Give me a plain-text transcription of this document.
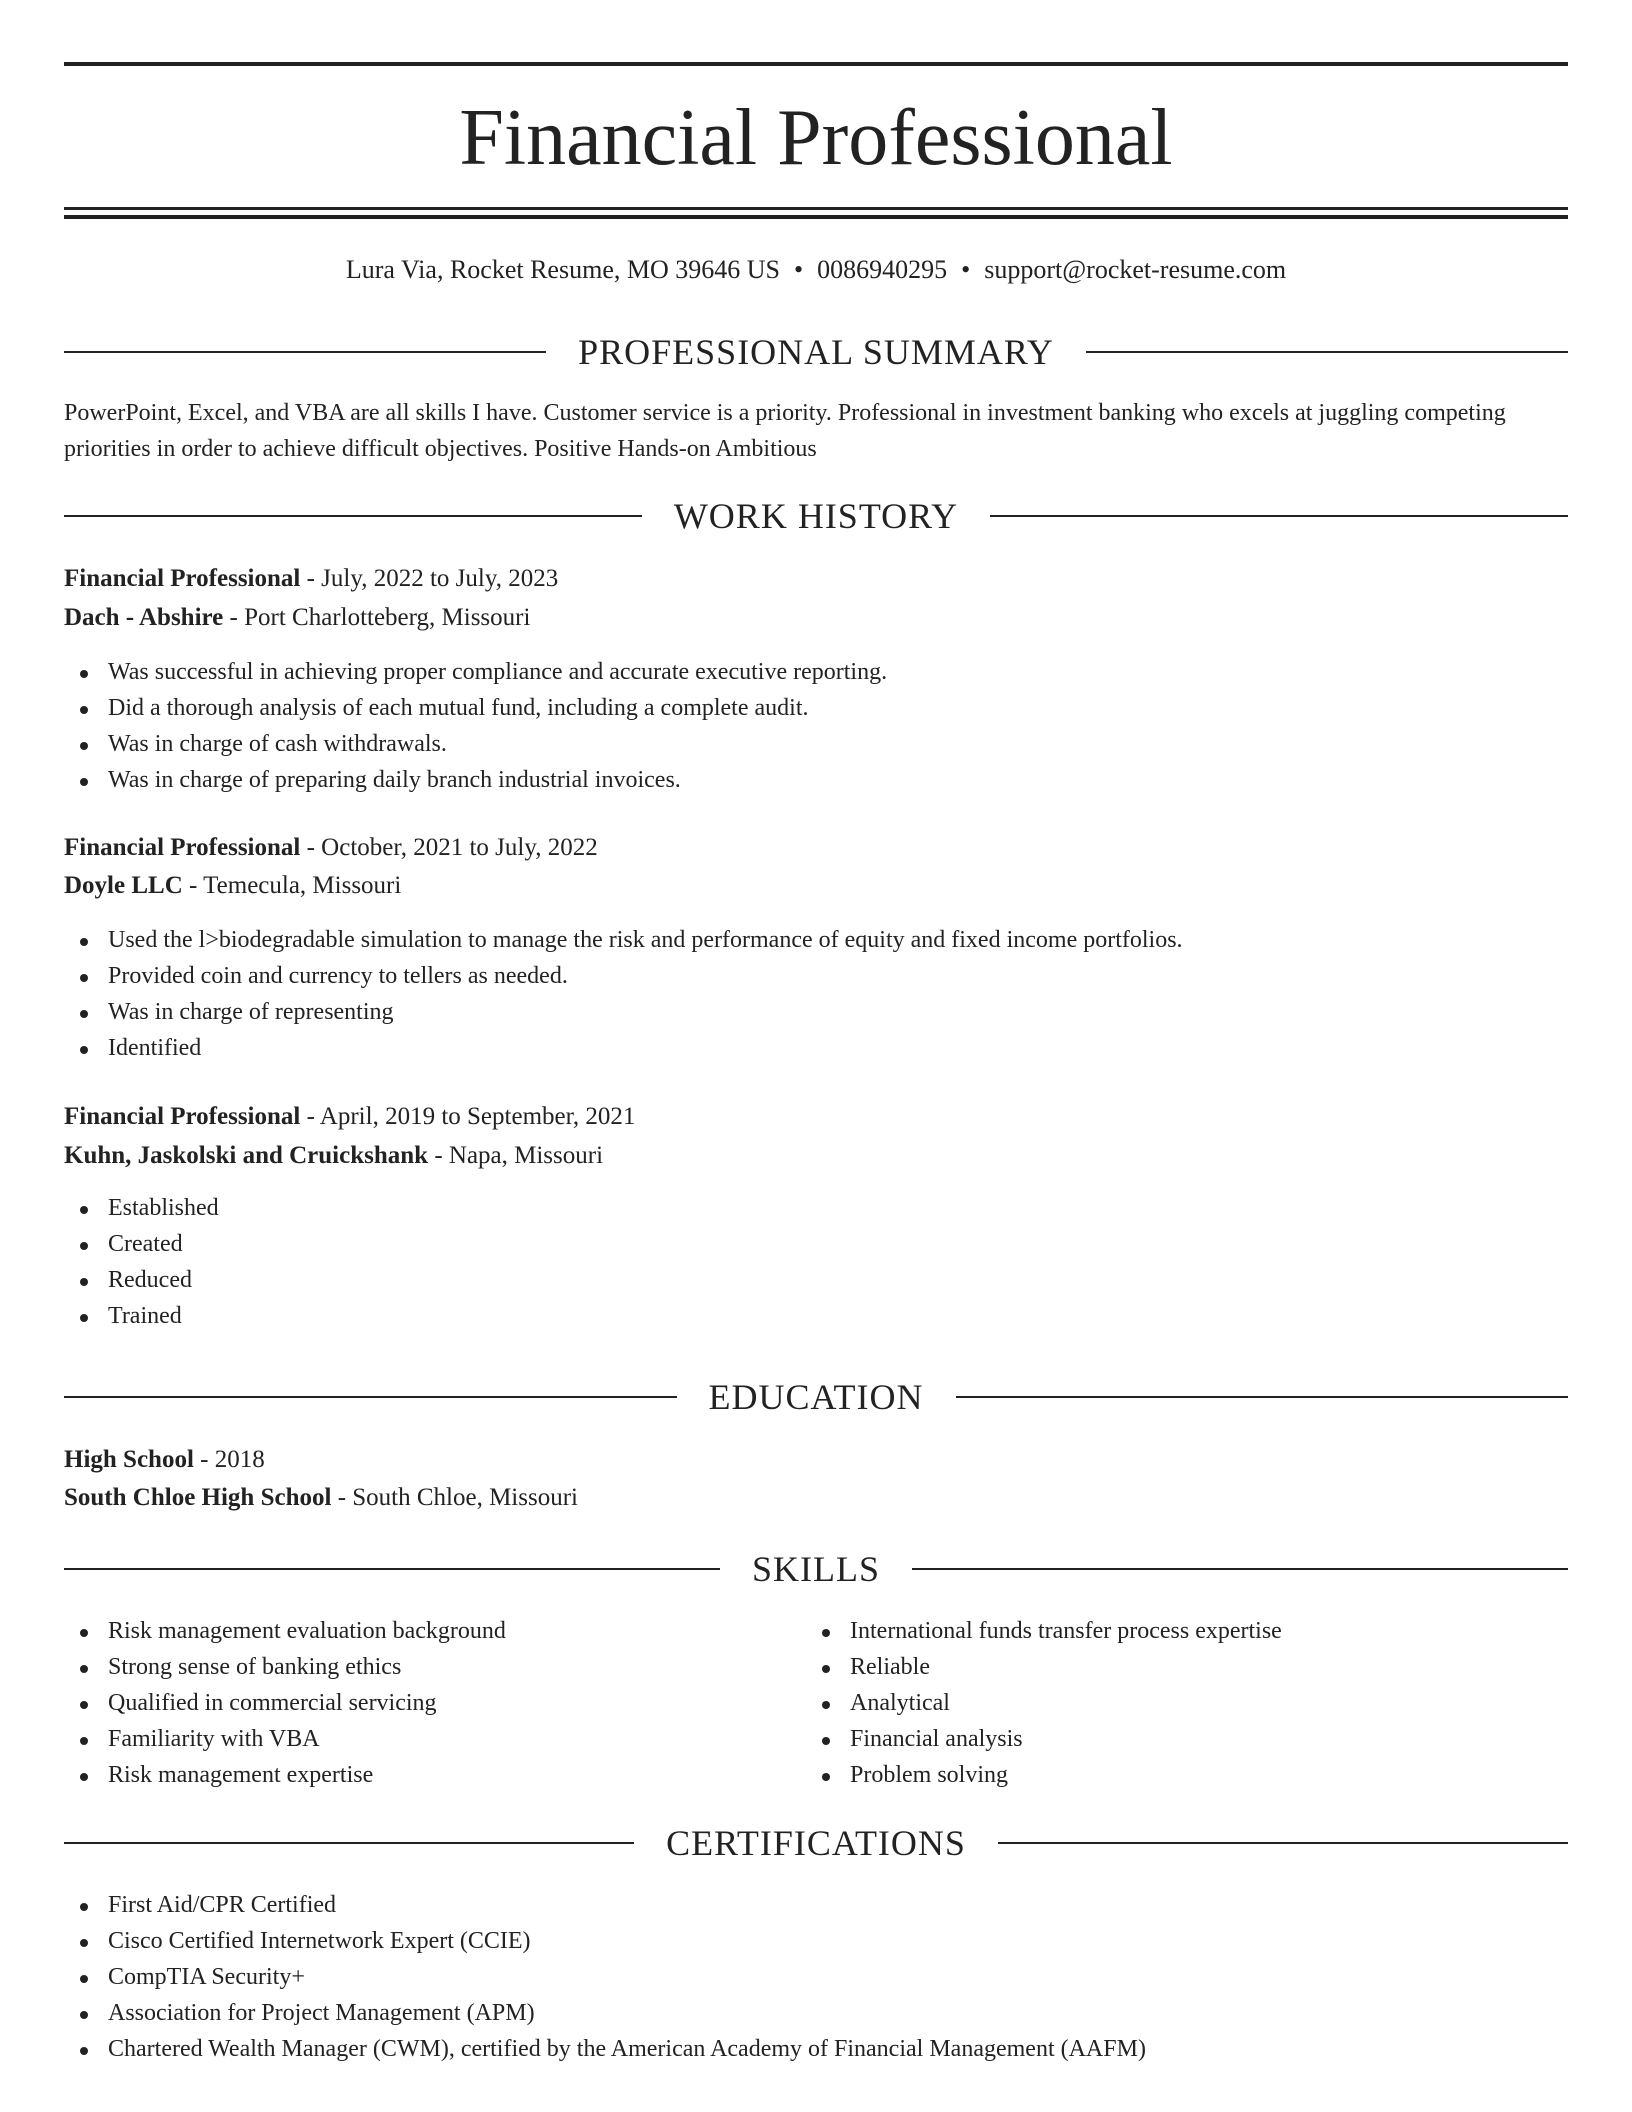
Financial Professional
Lura Via, Rocket Resume, MO 39646 US • 0086940295 • support@rocket-resume.com
PROFESSIONAL SUMMARY
PowerPoint, Excel, and VBA are all skills I have. Customer service is a priority. Professional in investment banking who excels at juggling competing priorities in order to achieve difficult objectives. Positive Hands-on Ambitious
WORK HISTORY
Financial Professional - July, 2022 to July, 2023
Dach - Abshire - Port Charlotteberg, Missouri
Was successful in achieving proper compliance and accurate executive reporting.
Did a thorough analysis of each mutual fund, including a complete audit.
Was in charge of cash withdrawals.
Was in charge of preparing daily branch industrial invoices.
Financial Professional - October, 2021 to July, 2022
Doyle LLC - Temecula, Missouri
Used the l>biodegradable simulation to manage the risk and performance of equity and fixed income portfolios.
Provided coin and currency to tellers as needed.
Was in charge of representing
Identified
Financial Professional - April, 2019 to September, 2021
Kuhn, Jaskolski and Cruickshank - Napa, Missouri
Established
Created
Reduced
Trained
EDUCATION
High School - 2018
South Chloe High School - South Chloe, Missouri
SKILLS
Risk management evaluation background
Strong sense of banking ethics
Qualified in commercial servicing
Familiarity with VBA
Risk management expertise
International funds transfer process expertise
Reliable
Analytical
Financial analysis
Problem solving
CERTIFICATIONS
First Aid/CPR Certified
Cisco Certified Internetwork Expert (CCIE)
CompTIA Security+
Association for Project Management (APM)
Chartered Wealth Manager (CWM), certified by the American Academy of Financial Management (AAFM)
